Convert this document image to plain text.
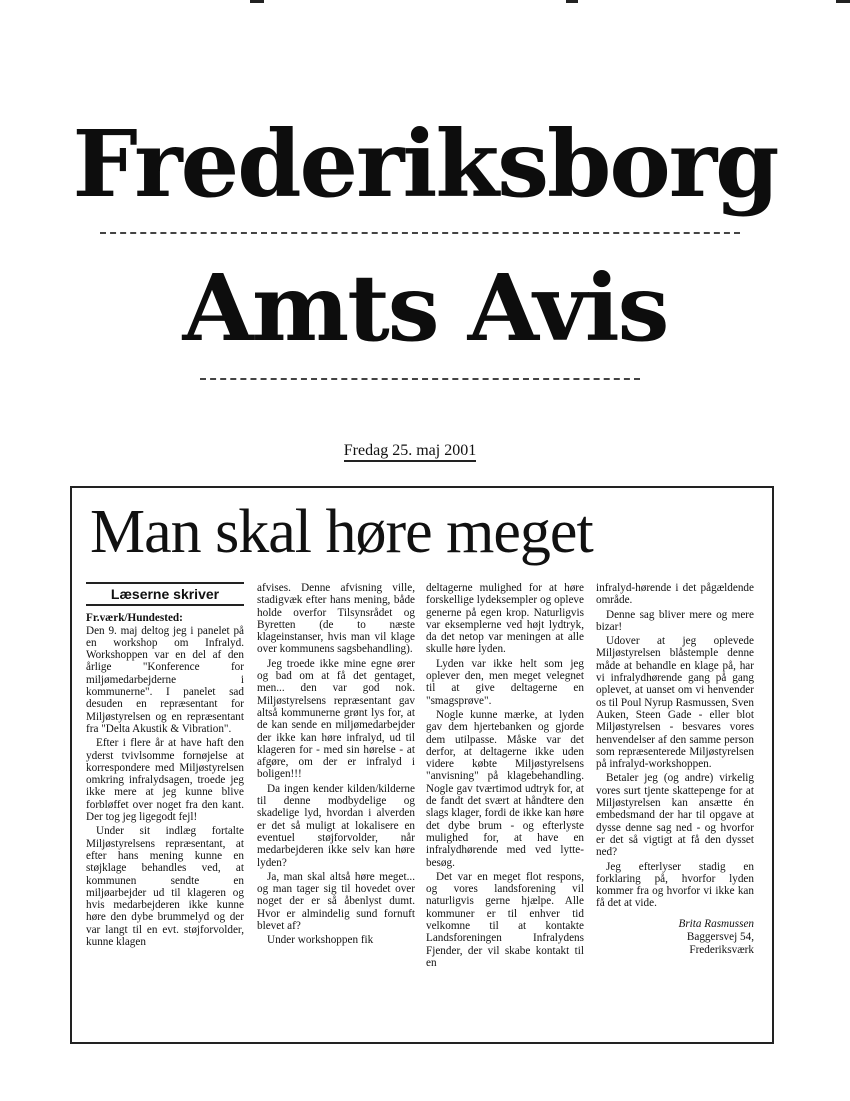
Frederiksborg
Amts Avis
Fredag 25. maj 2001
Man skal høre meget
Læserne skriver
Fr.værk/Hundested:

Den 9. maj deltog jeg i panelet på en workshop om Infralyd. Workshoppen var en del af den årlige "Konference for miljømedarbejderne i kommunerne". I panelet sad desuden en repræsentant for Miljøstyrelsen og en repræsentant fra "Delta Akustik & Vibration".

Efter i flere år at have haft den yderst tvivlsomme fornøjelse at korrespondere med Miljøstyrelsen omkring infralydsagen, troede jeg ikke mere at jeg kunne blive forbløffet over noget fra den kant. Der tog jeg ligegodt fejl!

Under sit indlæg fortalte Miljøstyrelsens repræsentant, at efter hans mening kunne en støjklage behandles ved, at kommunen sendte en miljøarbejder ud til klageren og hvis medarbejderen ikke kunne høre den dybe brummelyd og der var langt til en evt. støjforvolder, kunne klagen

afvises. Denne afvisning ville, stadigvæk efter hans mening, både holde overfor Tilsynsrådet og Byretten (de to næste klageinstanser, hvis man vil klage over kommunens sagsbehandling).

Jeg troede ikke mine egne ører og bad om at få det gentaget, men... den var god nok. Miljøstyrelsens repræsentant gav altså kommunerne grønt lys for, at de kan sende en miljømedarbejder der ikke kan høre infralyd, ud til klageren for - med sin hørelse - at afgøre, om der er infralyd i boligen!!!

Da ingen kender kilden/kilderne til denne modbydelige og skadelige lyd, hvordan i alverden er det så muligt at lokalisere en eventuel støjforvolder, når medarbejderen ikke selv kan høre lyden?

Ja, man skal altså høre meget... og man tager sig til hovedet over noget der er så åbenlyst dumt. Hvor er almindelig sund fornuft blevet af?

Under workshoppen fik

deltagerne mulighed for at høre forskellige lydeksempler og opleve generne på egen krop. Naturligvis var eksemplerne ved højt lydtryk, da det netop var meningen at alle skulle høre lyden.

Lyden var ikke helt som jeg oplever den, men meget velegnet til at give deltagerne en "smagsprøve".

Nogle kunne mærke, at lyden gav dem hjertebanken og gjorde dem utilpasse. Måske var det derfor, at deltagerne ikke uden videre købte Miljøstyrelsens "anvisning" på klagebehandling. Nogle gav tværtimod udtryk for, at de fandt det svært at håndtere den slags klager, fordi de ikke kan høre det dybe brum - og efterlyste mulighed for, at have en infralydhørende med ved lytte-besøg.

Det var en meget flot respons, og vores landsforening vil naturligvis gerne hjælpe. Alle kommuner er til enhver tid velkomne til at kontakte Landsforeningen Infralydens Fjender, der vil skabe kontakt til en

infralyd-hørende i det pågældende område.

Denne sag bliver mere og mere bizar!

Udover at jeg oplevede Miljøstyrelsen blåstemple denne måde at behandle en klage på, har vi infralydhørende gang på gang oplevet, at uanset om vi henvender os til Poul Nyrup Rasmussen, Sven Auken, Steen Gade - eller blot Miljøstyrelsen - besvares vores henvendelser af den samme person som repræsenterede Miljøstyrelsen på infralyd-workshoppen.

Betaler jeg (og andre) virkelig vores surt tjente skattepenge for at Miljøstyrelsen kan ansætte én embedsmand der har til opgave at dysse denne sag ned - og hvorfor er det så vigtigt at få den dysset ned?

Jeg efterlyser stadig en forklaring på, hvorfor lyden kommer fra og hvorfor vi ikke kan få det at vide.

Brita Rasmussen
Baggersvej 54,
Frederiksværk
